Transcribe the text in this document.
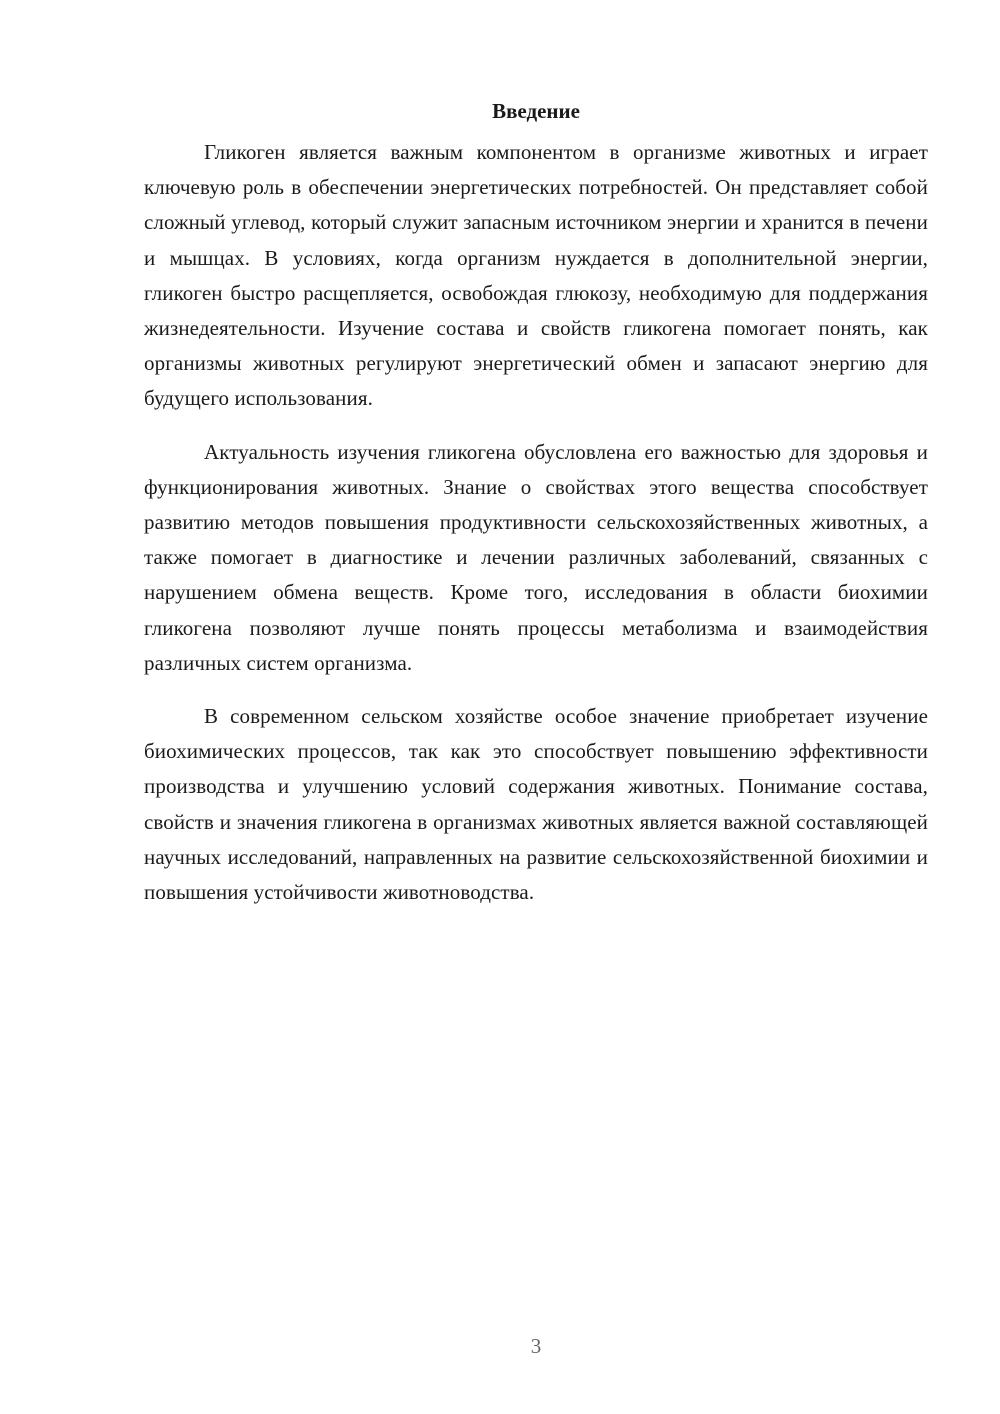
Введение

Гликоген является важным компонентом в организме животных и играет ключевую роль в обеспечении энергетических потребностей. Он представляет собой сложный углевод, который служит запасным источником энергии и хранится в печени и мышцах. В условиях, когда организм нуждается в дополнительной энергии, гликоген быстро расщепляется, освобождая глюкозу, необходимую для поддержания жизнедеятельности. Изучение состава и свойств гликогена помогает понять, как организмы животных регулируют энергетический обмен и запасают энергию для будущего использования.

Актуальность изучения гликогена обусловлена его важностью для здоровья и функционирования животных. Знание о свойствах этого вещества способствует развитию методов повышения продуктивности сельскохозяйственных животных, а также помогает в диагностике и лечении различных заболеваний, связанных с нарушением обмена веществ. Кроме того, исследования в области биохимии гликогена позволяют лучше понять процессы метаболизма и взаимодействия различных систем организма.

В современном сельском хозяйстве особое значение приобретает изучение биохимических процессов, так как это способствует повышению эффективности производства и улучшению условий содержания животных. Понимание состава, свойств и значения гликогена в организмах животных является важной составляющей научных исследований, направленных на развитие сельскохозяйственной биохимии и повышения устойчивости животноводства.

3
